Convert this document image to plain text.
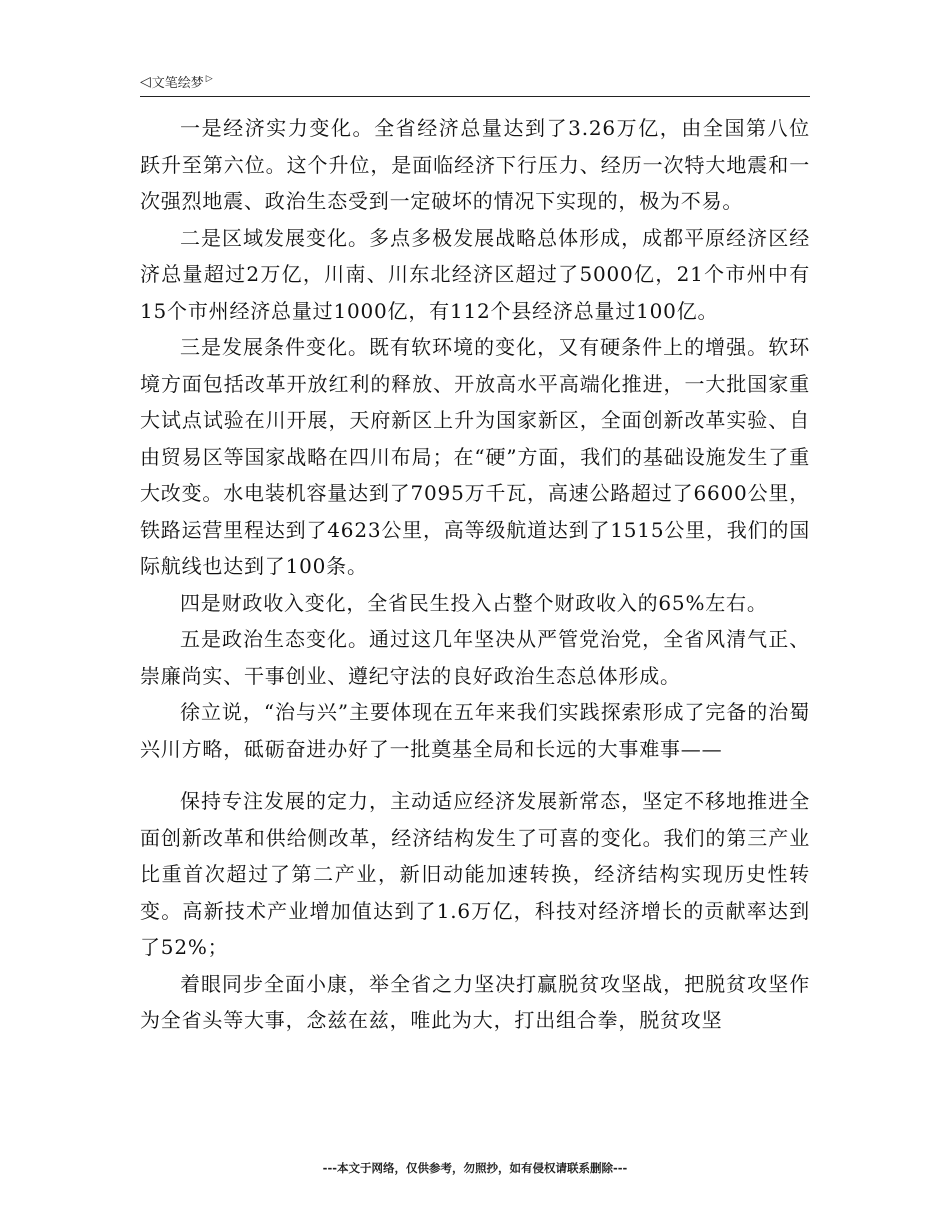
◁ 文笔绘梦 ▷

一是经济实力变化。全省经济总量达到了3.26万亿，由全国第八位跃升至第六位。这个升位，是面临经济下行压力、经历一次特大地震和一次强烈地震、政治生态受到一定破坏的情况下实现的，极为不易。

二是区域发展变化。多点多极发展战略总体形成，成都平原经济区经济总量超过2万亿，川南、川东北经济区超过了5000亿，21个市州中有15个市州经济总量过1000亿，有112个县经济总量过100亿。

三是发展条件变化。既有软环境的变化，又有硬条件上的增强。软环境方面包括改革开放红利的释放、开放高水平高端化推进，一大批国家重大试点试验在川开展，天府新区上升为国家新区，全面创新改革实验、自由贸易区等国家战略在四川布局；在“硬”方面，我们的基础设施发生了重大改变。水电装机容量达到了7095万千瓦，高速公路超过了6600公里，铁路运营里程达到了4623公里，高等级航道达到了1515公里，我们的国际航线也达到了100条。

四是财政收入变化，全省民生投入占整个财政收入的65%左右。

五是政治生态变化。通过这几年坚决从严管党治党，全省风清气正、崇廉尚实、干事创业、遵纪守法的良好政治生态总体形成。

徐立说，“治与兴”主要体现在五年来我们实践探索形成了完备的治蜀兴川方略，砥砺奋进办好了一批奠基全局和长远的大事难事——

保持专注发展的定力，主动适应经济发展新常态，坚定不移地推进全面创新改革和供给侧改革，经济结构发生了可喜的变化。我们的第三产业比重首次超过了第二产业，新旧动能加速转换，经济结构实现历史性转变。高新技术产业增加值达到了1.6万亿，科技对经济增长的贡献率达到了52%；

着眼同步全面小康，举全省之力坚决打赢脱贫攻坚战，把脱贫攻坚作为全省头等大事，念兹在兹，唯此为大，打出组合拳，脱贫攻坚

---本文于网络，仅供参考，勿照抄，如有侵权请联系删除---
